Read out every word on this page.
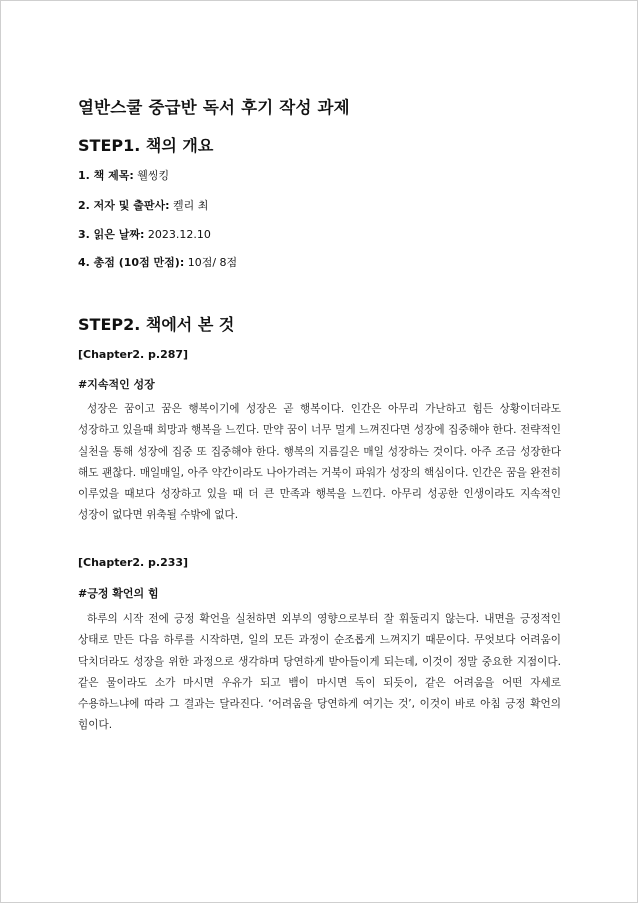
열반스쿨 중급반 독서 후기 작성 과제
STEP1. 책의 개요
1. 책 제목: 웰씽킹
2. 저자 및 출판사: 켈리 최
3. 읽은 날짜: 2023.12.10
4. 총점 (10점 만점): 10점/ 8점
STEP2. 책에서 본 것
[Chapter2. p.287]
#지속적인 성장
성장은 꿈이고 꿈은 행복이기에 성장은 곧 행복이다. 인간은 아무리 가난하고 힘든 상황이더라도 성장하고 있을때 희망과 행복을 느낀다. 만약 꿈이 너무 멀게 느껴진다면 성장에 집중해야 한다. 전략적인 실천을 통해 성장에 집중 또 집중해야 한다. 행복의 지름길은 매일 성장하는 것이다. 아주 조금 성장한다 해도 괜찮다. 매일매일, 아주 약간이라도 나아가려는 거북이 파워가 성장의 핵심이다. 인간은 꿈을 완전히 이루었을 때보다 성장하고 있을 때 더 큰 만족과 행복을 느낀다. 아무리 성공한 인생이라도 지속적인 성장이 없다면 위축될 수밖에 없다.
[Chapter2. p.233]
#긍정 확언의 힘
하루의 시작 전에 긍정 확언을 실천하면 외부의 영향으로부터 잘 휘둘리지 않는다. 내면을 긍정적인 상태로 만든 다음 하루를 시작하면, 일의 모든 과정이 순조롭게 느껴지기 때문이다. 무엇보다 어려움이 닥치더라도 성장을 위한 과정으로 생각하며 당연하게 받아들이게 되는데, 이것이 정말 중요한 지점이다. 같은 물이라도 소가 마시면 우유가 되고 뱀이 마시면 독이 되듯이, 같은 어려움을 어떤 자세로 수용하느냐에 따라 그 결과는 달라진다. ‘어려움을 당연하게 여기는 것’, 이것이 바로 아침 긍정 확언의 힘이다.
